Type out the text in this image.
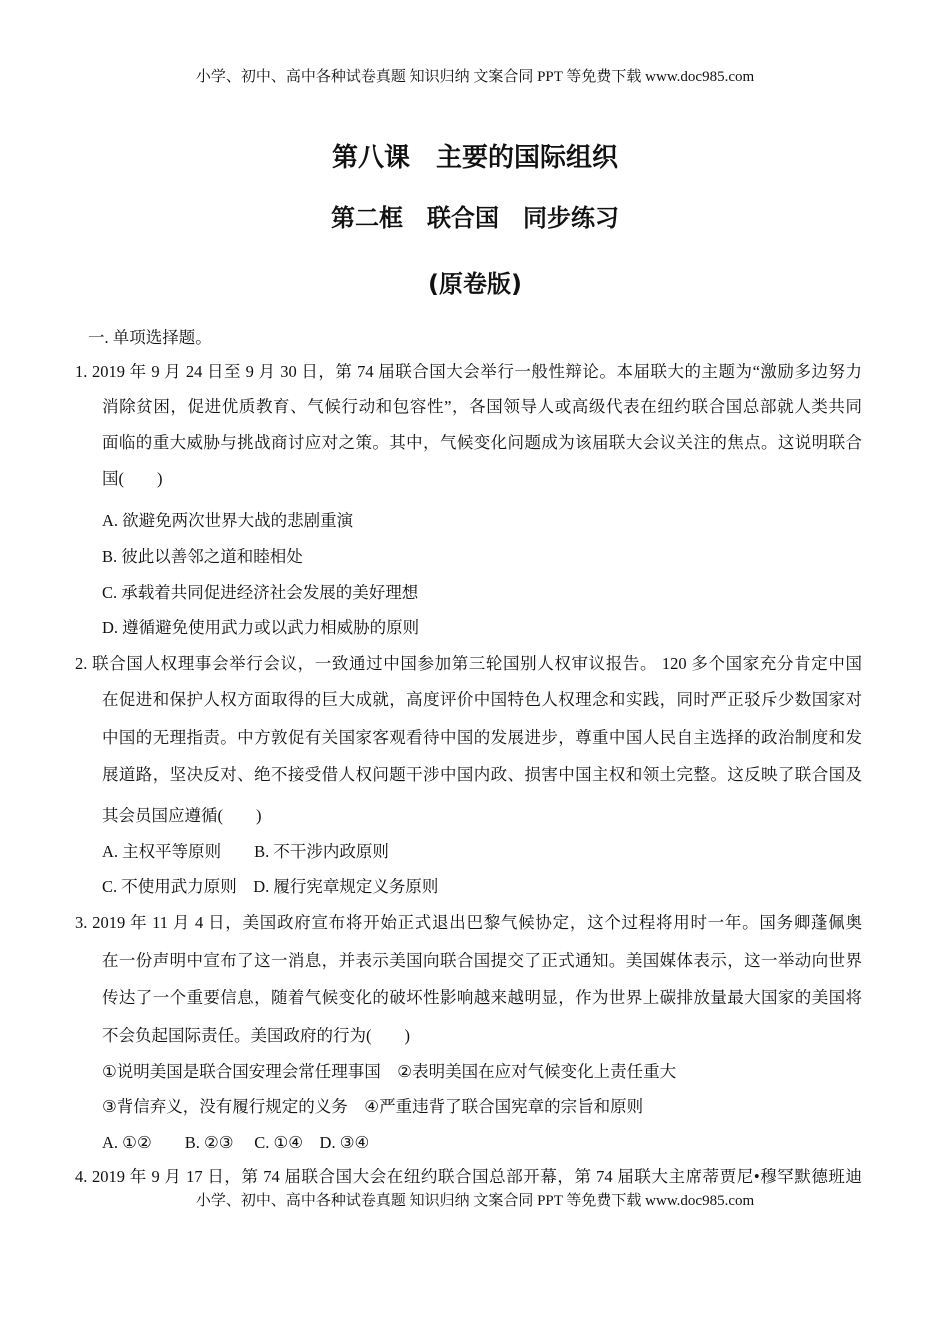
小学、初中、高中各种试卷真题 知识归纳 文案合同 PPT 等免费下载 www.doc985.com
第八课　主要的国际组织
第二框　联合国　同步练习
(原卷版)
一. 单项选择题。
1. 2019 年 9 月 24 日至 9 月 30 日，第 74 届联合国大会举行一般性辩论。本届联大的主题为“激励多边努力
消除贫困，促进优质教育、气候行动和包容性”，各国领导人或高级代表在纽约联合国总部就人类共同
面临的重大威胁与挑战商讨应对之策。其中，气候变化问题成为该届联大会议关注的焦点。这说明联合
国(　　)
A. 欲避免两次世界大战的悲剧重演
B. 彼此以善邻之道和睦相处
C. 承载着共同促进经济社会发展的美好理想
D. 遵循避免使用武力或以武力相威胁的原则
2. 联合国人权理事会举行会议，一致通过中国参加第三轮国别人权审议报告。 120 多个国家充分肯定中国
在促进和保护人权方面取得的巨大成就，高度评价中国特色人权理念和实践，同时严正驳斥少数国家对
中国的无理指责。中方敦促有关国家客观看待中国的发展进步，尊重中国人民自主选择的政治制度和发
展道路，坚决反对、绝不接受借人权问题干涉中国内政、损害中国主权和领土完整。这反映了联合国及
其会员国应遵循(　　)
A. 主权平等原则　　B. 不干涉内政原则
C. 不使用武力原则　D. 履行宪章规定义务原则
3. 2019 年 11 月 4 日，美国政府宣布将开始正式退出巴黎气候协定，这个过程将用时一年。国务卿蓬佩奥
在一份声明中宣布了这一消息，并表示美国向联合国提交了正式通知。美国媒体表示，这一举动向世界
传达了一个重要信息，随着气候变化的破坏性影响越来越明显，作为世界上碳排放量最大国家的美国将
不会负起国际责任。美国政府的行为(　　)
①说明美国是联合国安理会常任理事国　②表明美国在应对气候变化上责任重大
③背信弃义，没有履行规定的义务　④严重违背了联合国宪章的宗旨和原则
A. ①②　　B. ②③　 C. ①④　D. ③④
4. 2019 年 9 月 17 日，第 74 届联合国大会在纽约联合国总部开幕，第 74 届联大主席蒂贾尼•穆罕默德班迪
小学、初中、高中各种试卷真题 知识归纳 文案合同 PPT 等免费下载 www.doc985.com
